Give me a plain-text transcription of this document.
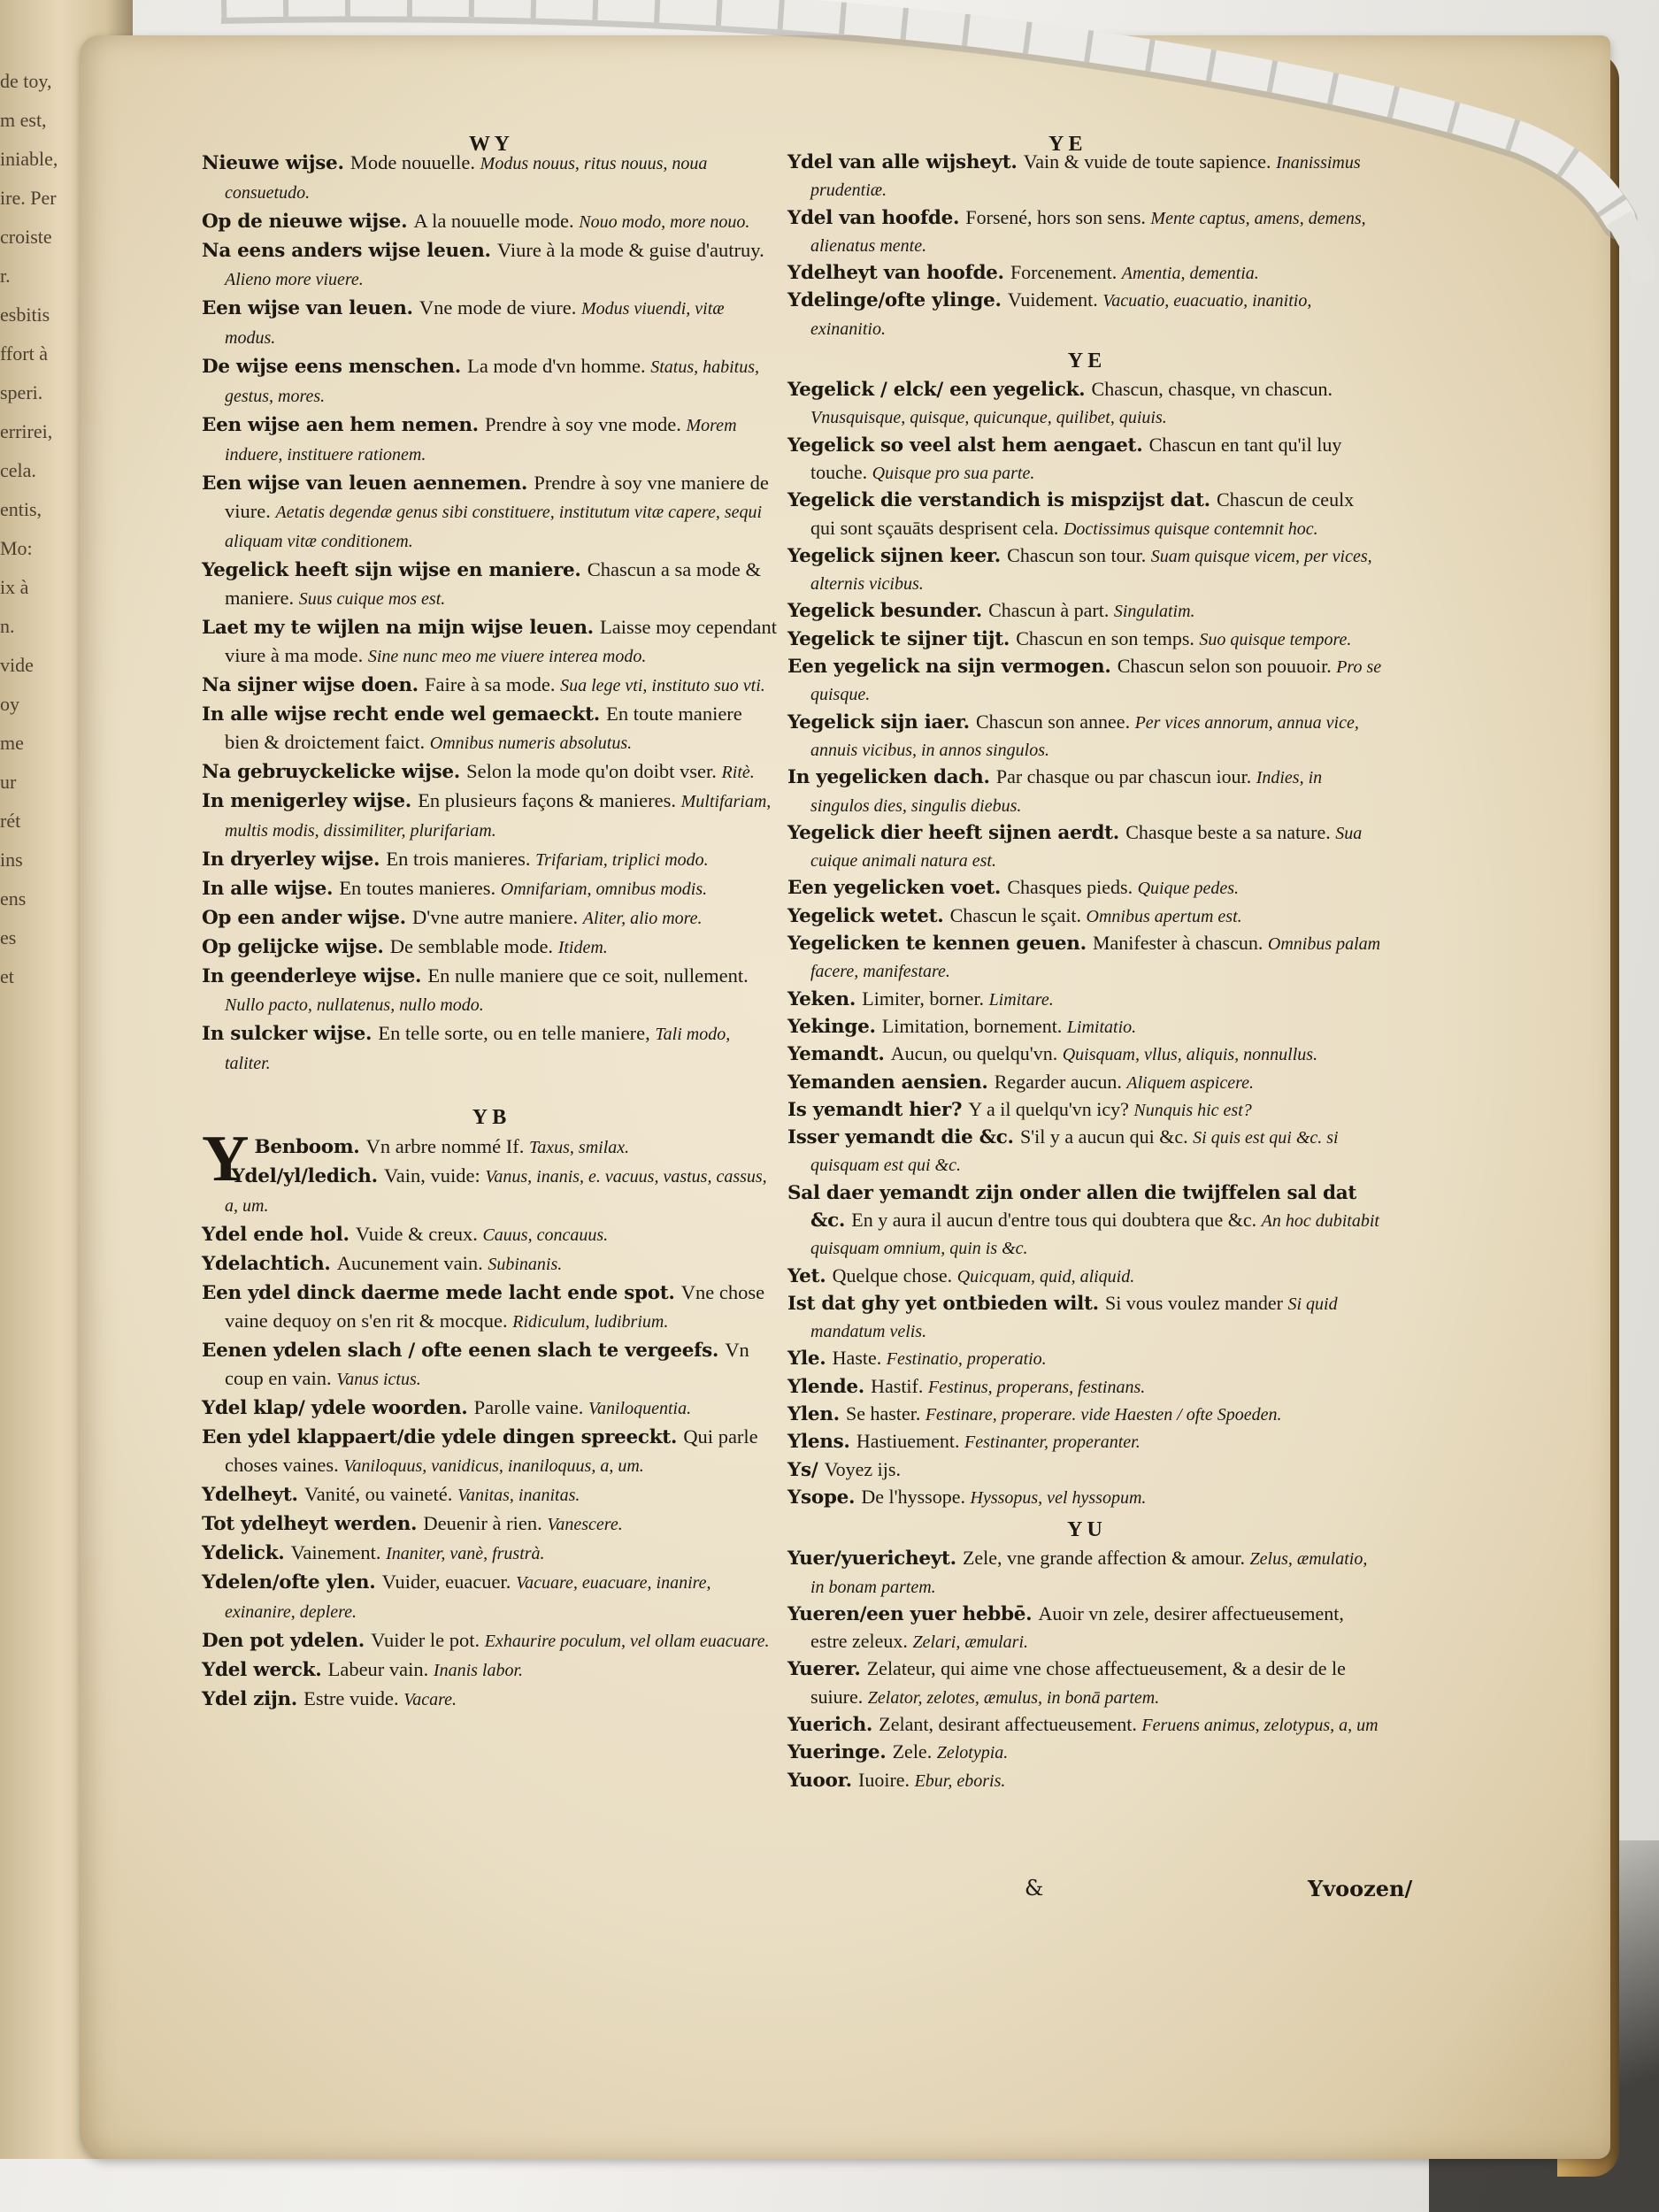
de toy,
m est,
iniable,
ire. Per
croiste
r.
esbitis
ffort à
speri.
errirei,
cela.
entis,
Mo:
ix à
n.
vide
oy
me
ur
rét
ins
ens
es
et
W Y	Y E

Nieuwe wijse. Mode nouuelle. Modus nouus, ritus nouus, noua consuetudo.

Op de nieuwe wijse. A la nouuelle mode. Nouo modo, more nouo.

Na eens anders wijse leuen. Viure à la mode & guise d'autruy. Alieno more viuere.

Een wijse van leuen. Vne mode de viure. Modus viuendi, vitæ modus.

De wijse eens menschen. La mode d'vn homme. Status, habitus, gestus, mores.

Een wijse aen hem nemen. Prendre à soy vne mode. Morem induere, instituere rationem.

Een wijse van leuen aennemen. Prendre à soy vne maniere de viure. Aetatis degendæ genus sibi constituere, institutum vitæ capere, sequi aliquam vitæ conditionem.

Yegelick heeft sijn wijse en maniere. Chascun a sa mode & maniere. Suus cuique mos est.

Laet my te wijlen na mijn wijse leuen. Laisse moy cependant viure à ma mode. Sine nunc meo me viuere interea modo.

Na sijner wijse doen. Faire à sa mode. Sua lege vti, instituto suo vti.

In alle wijse recht ende wel gemaeckt. En toute maniere bien & droictement faict. Omnibus numeris absolutus.

Na gebruyckelicke wijse. Selon la mode qu'on doibt vser. Ritè.

In menigerley wijse. En plusieurs façons & manieres. Multifariam, multis modis, dissimiliter, plurifariam.

In dryerley wijse. En trois manieres. Trifariam, triplici modo.

In alle wijse. En toutes manieres. Omnifariam, omnibus modis.

Op een ander wijse. D'vne autre maniere. Aliter, alio more.

Op gelijcke wijse. De semblable mode. Itidem.

In geenderleye wijse. En nulle maniere que ce soit, nullement. Nullo pacto, nullatenus, nullo modo.

In sulcker wijse. En telle sorte, ou en telle maniere, Tali modo, taliter.

Y B

Y Benboom. Vn arbre nommé If. Taxus, smilax.

Ydel/yl/ledich. Vain, vuide: Vanus, inanis, e. vacuus, vastus, cassus, a, um.

Ydel ende hol. Vuide & creux. Cauus, concauus.

Ydelachtich. Aucunement vain. Subinanis.

Een ydel dinck daerme mede lacht ende spot. Vne chose vaine dequoy on s'en rit & mocque. Ridiculum, ludibrium.

Eenen ydelen slach / ofte eenen slach te vergeefs. Vn coup en vain. Vanus ictus.

Ydel klap/ ydele woorden. Parolle vaine. Vaniloquentia.

Een ydel klappaert/die ydele dingen spreeckt. Qui parle choses vaines. Vaniloquus, vanidicus, inaniloquus, a, um.

Ydelheyt. Vanité, ou vaineté. Vanitas, inanitas.

Tot ydelheyt werden. Deuenir à rien. Vanescere.

Ydelick. Vainement. Inaniter, vanè, frustrà.

Ydelen/ofte ylen. Vuider, euacuer. Vacuare, euacuare, inanire, exinanire, deplere.

Den pot ydelen. Vuider le pot. Exhaurire poculum, vel ollam euacuare.

Ydel werck. Labeur vain. Inanis labor.

Ydel zijn. Estre vuide. Vacare.

Ydel van alle wijsheyt. Vain & vuide de toute sapience. Inanissimus prudentiæ.

Ydel van hoofde. Forsené, hors son sens. Mente captus, amens, demens, alienatus mente.

Ydelheyt van hoofde. Forcenement. Amentia, dementia.

Ydelinge/ofte ylinge. Vuidement. Vacuatio, euacuatio, inanitio, exinanitio.

Y E

Yegelick / elck/ een yegelick. Chascun, chasque, vn chascun. Vnusquisque, quisque, quicunque, quilibet, quiuis.

Yegelick so veel alst hem aengaet. Chascun en tant qu'il luy touche. Quisque pro sua parte.

Yegelick die verstandich is mispzijst dat. Chascun de ceulx qui sont sçauāts desprisent cela. Doctissimus quisque contemnit hoc.

Yegelick sijnen keer. Chascun son tour. Suam quisque vicem, per vices, alternis vicibus.

Yegelick besunder. Chascun à part. Singulatim.

Yegelick te sijner tijt. Chascun en son temps. Suo quisque tempore.

Een yegelick na sijn vermogen. Chascun selon son pouuoir. Pro se quisque.

Yegelick sijn iaer. Chascun son annee. Per vices annorum, annua vice, annuis vicibus, in annos singulos.

In yegelicken dach. Par chasque ou par chascun iour. Indies, in singulos dies, singulis diebus.

Yegelick dier heeft sijnen aerdt. Chasque beste a sa nature. Sua cuique animali natura est.

Een yegelicken voet. Chasques pieds. Quique pedes.

Yegelick wetet. Chascun le sçait. Omnibus apertum est.

Yegelicken te kennen geuen. Manifester à chascun. Omnibus palam facere, manifestare.

Yeken. Limiter, borner. Limitare.

Yekinge. Limitation, bornement. Limitatio.

Yemandt. Aucun, ou quelqu'vn. Quisquam, vllus, aliquis, nonnullus.

Yemanden aensien. Regarder aucun. Aliquem aspicere.

Is yemandt hier? Y a il quelqu'vn icy? Nunquis hic est?

Isser yemandt die &c. S'il y a aucun qui &c. Si quis est qui &c. si quisquam est qui &c.

Sal daer yemandt zijn onder allen die twijffelen sal dat &c. En y aura il aucun d'entre tous qui doubtera que &c. An hoc dubitabit quisquam omnium, quin is &c.

Yet. Quelque chose. Quicquam, quid, aliquid.

Ist dat ghy yet ontbieden wilt. Si vous voulez mander Si quid mandatum velis.

Yle. Haste. Festinatio, properatio.

Ylende. Hastif. Festinus, properans, festinans.

Ylen. Se haster. Festinare, properare. vide Haesten / ofte Spoeden.

Ylens. Hastiuement. Festinanter, properanter.

Ys/ Voyez ijs.

Ysope. De l'hyssope. Hyssopus, vel hyssopum.

Y U

Yuer/yuericheyt. Zele, vne grande affection & amour. Zelus, æmulatio, in bonam partem.

Yueren/een yuer hebbē. Auoir vn zele, desirer affectueusement, estre zeleux. Zelari, æmulari.

Yuerer. Zelateur, qui aime vne chose affectueusement, & a desir de le suiure. Zelator, zelotes, æmulus, in bonā partem.

Yuerich. Zelant, desirant affectueusement. Feruens animus, zelotypus, a, um

Yueringe. Zele. Zelotypia.

Yuoor. Iuoire. Ebur, eboris.

&	Yvoozen/
